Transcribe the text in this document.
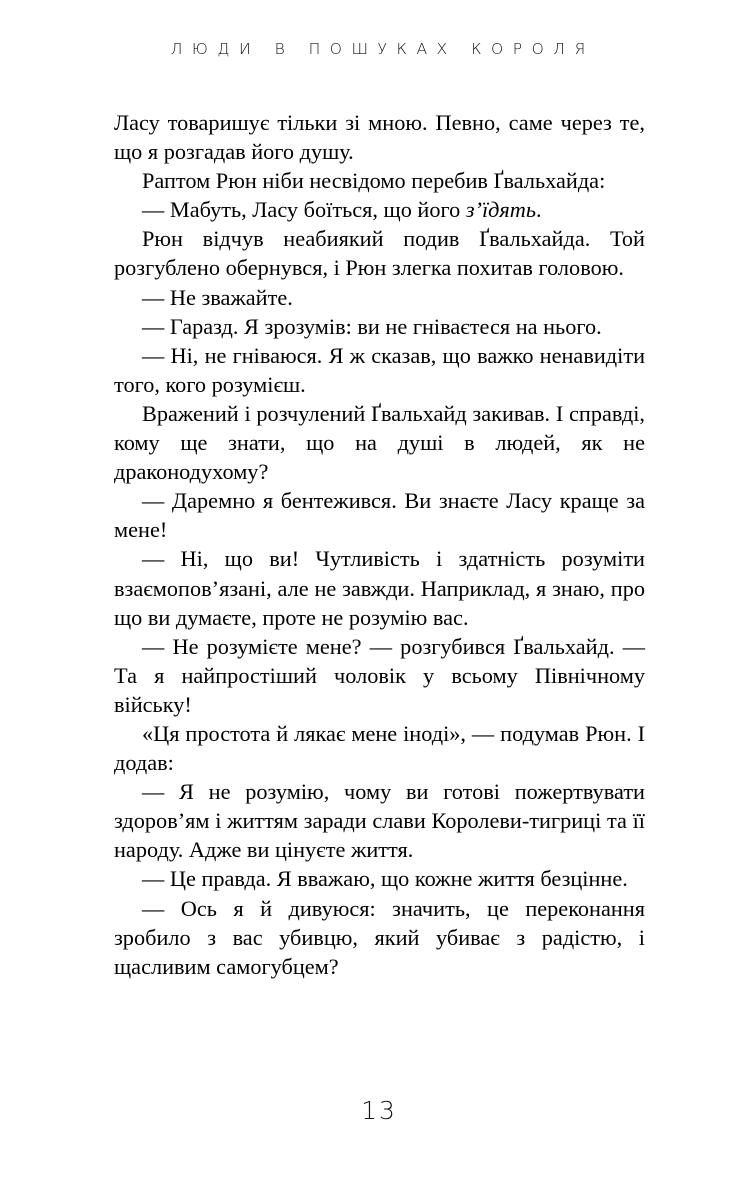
ЛЮДИ В ПОШУКАХ КОРОЛЯ

Ласу товаришує тільки зі мною. Певно, саме через те, що я розгадав його душу.

Раптом Рюн ніби несвідомо перебив Ґвальхайда:

— Мабуть, Ласу боїться, що його з’їдять.

Рюн відчув неабиякий подив Ґвальхайда. Той розгублено обернувся, і Рюн злегка похитав головою.

— Не зважайте.

— Гаразд. Я зрозумів: ви не гніваєтеся на нього.

— Ні, не гніваюся. Я ж сказав, що важко ненавидіти того, кого розумієш.

Вражений і розчулений Ґвальхайд закивав. І справді, кому ще знати, що на душі в людей, як не драконодухому?

— Даремно я бентежився. Ви знаєте Ласу краще за мене!

— Ні, що ви! Чутливість і здатність розуміти взаємопов’язані, але не завжди. Наприклад, я знаю, про що ви думаєте, проте не розумію вас.

— Не розумієте мене? — розгубився Ґвальхайд. — Та я найпростіший чоловік у всьому Північному війську!

«Ця простота й лякає мене іноді», — подумав Рюн. І додав:

— Я не розумію, чому ви готові пожертвувати здоров’ям і життям заради слави Королеви-тигриці та її народу. Адже ви цінуєте життя.

— Це правда. Я вважаю, що кожне життя безцінне.

— Ось я й дивуюся: значить, це переконання зробило з вас убивцю, який убиває з радістю, і щасливим самогубцем?

13
